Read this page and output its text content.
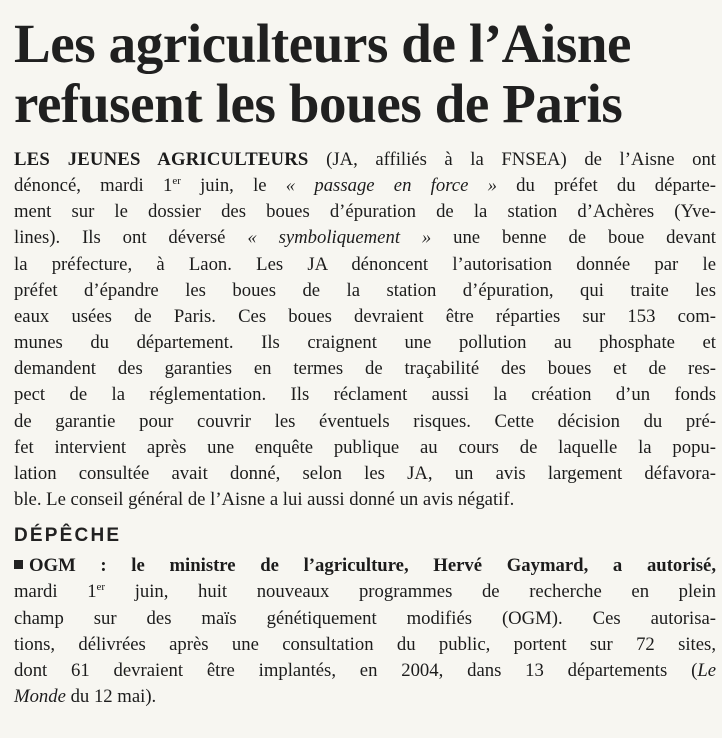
Les agriculteurs de l’Aisne
refusent les boues de Paris
LES JEUNES AGRICULTEURS (JA, affiliés à la FNSEA) de l’Aisne ont
dénoncé, mardi 1er juin, le « passage en force » du préfet du départe-
ment sur le dossier des boues d’épuration de la station d’Achères (Yve-
lines). Ils ont déversé « symboliquement » une benne de boue devant
la préfecture, à Laon. Les JA dénoncent l’autorisation donnée par le
préfet d’épandre les boues de la station d’épuration, qui traite les
eaux usées de Paris. Ces boues devraient être réparties sur 153 com-
munes du département. Ils craignent une pollution au phosphate et
demandent des garanties en termes de traçabilité des boues et de res-
pect de la réglementation. Ils réclament aussi la création d’un fonds
de garantie pour couvrir les éventuels risques. Cette décision du pré-
fet intervient après une enquête publique au cours de laquelle la popu-
lation consultée avait donné, selon les JA, un avis largement défavora-
ble. Le conseil général de l’Aisne a lui aussi donné un avis négatif.
DÉPÊCHE
OGM : le ministre de l’agriculture, Hervé Gaymard, a autorisé,
mardi 1er juin, huit nouveaux programmes de recherche en plein
champ sur des maïs génétiquement modifiés (OGM). Ces autorisa-
tions, délivrées après une consultation du public, portent sur 72 sites,
dont 61 devraient être implantés, en 2004, dans 13 départements (Le
Monde du 12 mai).
